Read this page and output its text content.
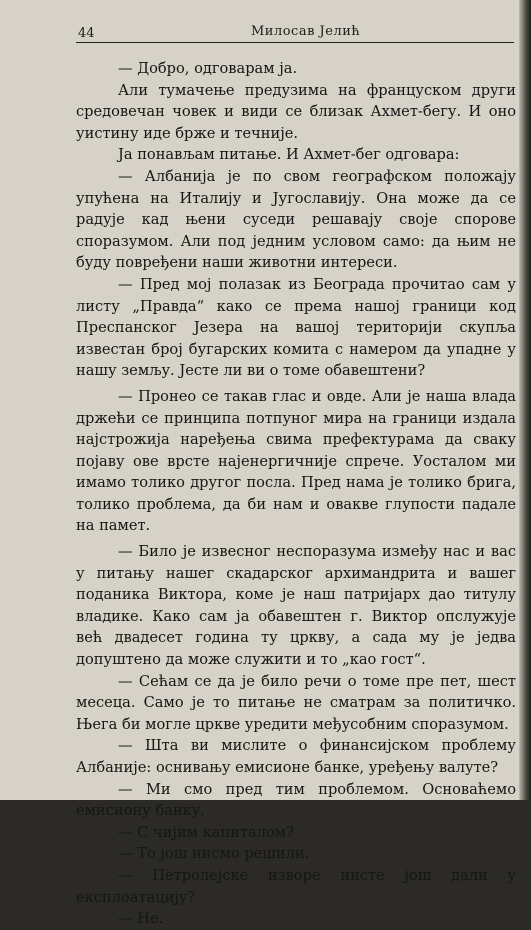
44	Милосав Јелић

— Добро, одговарам ја.

Али тумачење предузима на француском други средовечан човек и види се близак Ахмет-бегу. И оно уистину иде брже и течније.

Ја понављам питање. И Ахмет-бег одговара:

— Албанија је по свом географском положају упућена на Италију и Југославију. Она може да се радује кад њени суседи решавају своје спорове споразумом. Али под једним условом само: да њим не буду повређени наши животни интереси.

— Пред мој полазак из Београда прочитао сам у листу „Правда“ како се према нашој граници код Преспанског Језера на вашој територији скупља известан број бугарских комита с намером да упадне у нашу земљу. Јесте ли ви о томе обавештени?

— Пронео се такав глас и овде. Али је наша влада држећи се принципа потпуног мира на граници издала најстрожија наређења свима префектурама да сваку појаву ове врсте најенергичније спрече. Уосталом ми имамо толико другог посла. Пред нама је толико брига, толико проблема, да би нам и овакве глупости падале на памет.

— Било је извесног неспоразума између нас и вас у питању нашег скадарског архимандрита и вашег поданика Виктора, коме је наш патријарх дао титулу владике. Како сам ја обавештен г. Виктор опслужује већ двадесет година ту цркву, а сада му је једва допуштено да може служити и то „као гост“.

— Сећам се да је било речи о томе пре пет, шест месеца. Само је то питање не сматрам за политичко. Њега би могле цркве уредити међусобним споразумом.

— Шта ви мислите о финансијском проблему Албаније: оснивању емисионе банке, уређењу валуте?

— Ми смо пред тим проблемом. Оснoваћемо емисиону банку.

— С чијим капиталом?

— То још нисмо решили.

— Петролејске изворе нисте још дали у експлоатацију?

— Не.
